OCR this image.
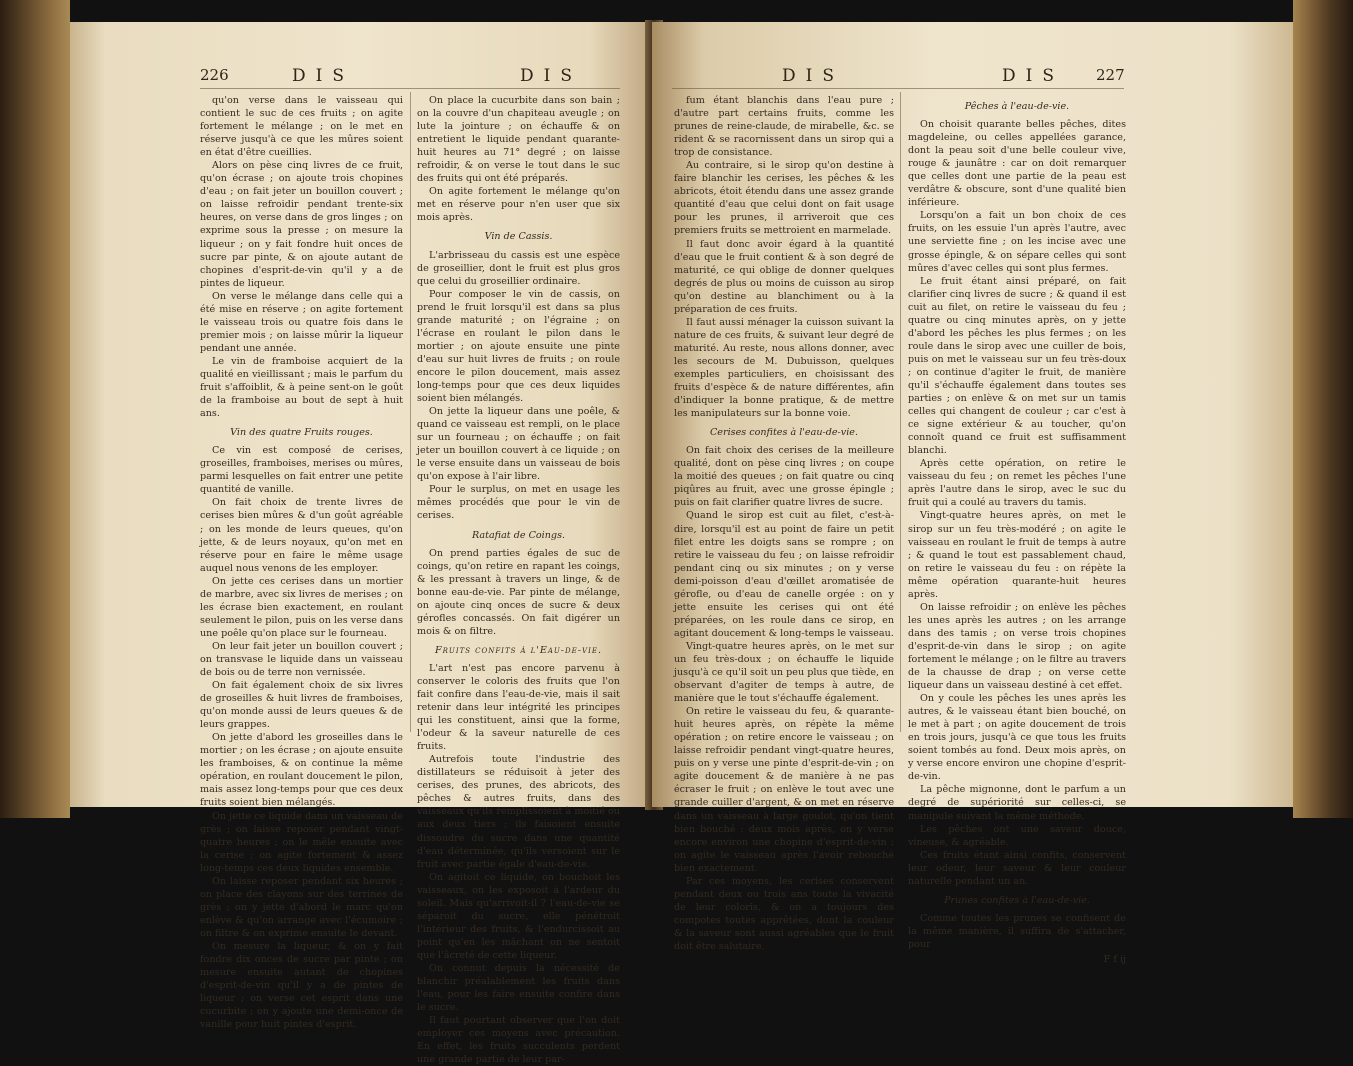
226	DIS	DIS

qu'on verse dans le vaisseau qui contient le suc de ces fruits ; on agite fortement le mélange ; on le met en réserve jusqu'à ce que les mûres soient en état d'être cueillies.

Alors on pèse cinq livres de ce fruit, qu'on écrase ; on ajoute trois chopines d'eau ; on fait jeter un bouillon couvert ; on laisse refroidir pendant trente-six heures, on verse dans de gros linges ; on exprime sous la presse ; on mesure la liqueur ; on y fait fondre huit onces de sucre par pinte, & on ajoute autant de chopines d'esprit-de-vin qu'il y a de pintes de liqueur.

On verse le mélange dans celle qui a été mise en réserve ; on agite fortement le vaisseau trois ou quatre fois dans le premier mois ; on laisse mûrir la liqueur pendant une année.

Le vin de framboise acquiert de la qualité en vieillissant ; mais le parfum du fruit s'affoiblit, & à peine sent-on le goût de la framboise au bout de sept à huit ans.

Vin des quatre Fruits rouges.

Ce vin est composé de cerises, groseilles, framboises, merises ou mûres, parmi lesquelles on fait entrer une petite quantité de vanille.

On fait choix de trente livres de cerises bien mûres & d'un goût agréable ; on les monde de leurs queues, qu'on jette, & de leurs noyaux, qu'on met en réserve pour en faire le même usage auquel nous venons de les employer.

On jette ces cerises dans un mortier de marbre, avec six livres de merises ; on les écrase bien exactement, en roulant seulement le pilon, puis on les verse dans une poêle qu'on place sur le fourneau.

On leur fait jeter un bouillon couvert ; on transvase le liquide dans un vaisseau de bois ou de terre non vernissée.

On fait également choix de six livres de groseilles & huit livres de framboises, qu'on monde aussi de leurs queues & de leurs grappes.

On jette d'abord les groseilles dans le mortier ; on les écrase ; on ajoute ensuite les framboises, & on continue la même opération, en roulant doucement le pilon, mais assez long-temps pour que ces deux fruits soient bien mélangés.

On jette ce liquide dans un vaisseau de grès ; on laisse reposer pendant vingt-quatre heures ; on le mêle ensuite avec la cerise ; on agite fortement & assez long-temps ces deux liquides ensemble.

On laisse reposer pendant six heures ; on place des clayons sur des terrines de grès ; on y jette d'abord le marc qu'on enlève & qu'on arrange avec l'écumoire ; on filtre & on exprime ensuite le devant.

On mesure la liqueur, & on y fait fondre dix onces de sucre par pinte ; on mesure ensuite autant de chopines d'esprit-de-vin qu'il y a de pintes de liqueur ; on verse cet esprit dans une cucurbite ; on y ajoute une demi-once de vanille pour huit pintes d'esprit.

On place la cucurbite dans son bain ; on la couvre d'un chapiteau aveugle ; on lute la jointure ; on échauffe & on entretient le liquide pendant quarante-huit heures au 71° degré ; on laisse refroidir, & on verse le tout dans le suc des fruits qui ont été préparés.

On agite fortement le mélange qu'on met en réserve pour n'en user que six mois après.

Vin de Cassis.

L'arbrisseau du cassis est une espèce de groseillier, dont le fruit est plus gros que celui du groseillier ordinaire.

Pour composer le vin de cassis, on prend le fruit lorsqu'il est dans sa plus grande maturité ; on l'égraine ; on l'écrase en roulant le pilon dans le mortier ; on ajoute ensuite une pinte d'eau sur huit livres de fruits ; on roule encore le pilon doucement, mais assez long-temps pour que ces deux liquides soient bien mélangés.

On jette la liqueur dans une poêle, & quand ce vaisseau est rempli, on le place sur un fourneau ; on échauffe ; on fait jeter un bouillon couvert à ce liquide ; on le verse ensuite dans un vaisseau de bois qu'on expose à l'air libre.

Pour le surplus, on met en usage les mêmes procédés que pour le vin de cerises.

Ratafiat de Coings.

On prend parties égales de suc de coings, qu'on retire en rapant les coings, & les pressant à travers un linge, & de bonne eau-de-vie. Par pinte de mélange, on ajoute cinq onces de sucre & deux gérofles concassés. On fait digérer un mois & on filtre.

Fruits confits à l'Eau-de-vie.

L'art n'est pas encore parvenu à conserver le coloris des fruits que l'on fait confire dans l'eau-de-vie, mais il sait retenir dans leur intégrité les principes qui les constituent, ainsi que la forme, l'odeur & la saveur naturelle de ces fruits.

Autrefois toute l'industrie des distillateurs se réduisoit à jeter des cerises, des prunes, des abricots, des pêches & autres fruits, dans des vaisseaux qu'ils remplissoient à moitié ou aux deux tiers ; ils faisoient ensuite dissoudre du sucre dans une quantité d'eau déterminée, qu'ils versoient sur le fruit avec partie égale d'eau-de-vie.

On agitoit ce liquide, on bouchoit les vaisseaux, on les exposoit à l'ardeur du soleil. Mais qu'arrivoit-il ? l'eau-de-vie se séparoit du sucre, elle pénétroit l'intérieur des fruits, & l'endurcissoit au point qu'en les mâchant on ne sentoit que l'âcreté de cette liqueur.

On connut depuis la nécessité de blanchir préalablement les fruits dans l'eau, pour les faire ensuite confire dans le sucre.

Il faut pourtant observer que l'on doit employer ces moyens avec précaution. En effet, les fruits succulents perdent une grande partie de leur par-

DIS	DIS 227

fum étant blanchis dans l'eau pure ; d'autre part certains fruits, comme les prunes de reine-claude, de mirabelle, &c. se rident & se racornissent dans un sirop qui a trop de consistance.

Au contraire, si le sirop qu'on destine à faire blanchir les cerises, les pêches & les abricots, étoit étendu dans une assez grande quantité d'eau que celui dont on fait usage pour les prunes, il arriveroit que ces premiers fruits se mettroient en marmelade.

Il faut donc avoir égard à la quantité d'eau que le fruit contient & à son degré de maturité, ce qui oblige de donner quelques degrés de plus ou moins de cuisson au sirop qu'on destine au blanchiment ou à la préparation de ces fruits.

Il faut aussi ménager la cuisson suivant la nature de ces fruits, & suivant leur degré de maturité. Au reste, nous allons donner, avec les secours de M. Dubuisson, quelques exemples particuliers, en choisissant des fruits d'espèce & de nature différentes, afin d'indiquer la bonne pratique, & de mettre les manipulateurs sur la bonne voie.

Cerises confites à l'eau-de-vie.

On fait choix des cerises de la meilleure qualité, dont on pèse cinq livres ; on coupe la moitié des queues ; on fait quatre ou cinq piqûres au fruit, avec une grosse épingle ; puis on fait clarifier quatre livres de sucre.

Quand le sirop est cuit au filet, c'est-à-dire, lorsqu'il est au point de faire un petit filet entre les doigts sans se rompre ; on retire le vaisseau du feu ; on laisse refroidir pendant cinq ou six minutes ; on y verse demi-poisson d'eau d'œillet aromatisée de gérofle, ou d'eau de canelle orgée : on y jette ensuite les cerises qui ont été préparées, on les roule dans ce sirop, en agitant doucement & long-temps le vaisseau.

Vingt-quatre heures après, on le met sur un feu très-doux ; on échauffe le liquide jusqu'à ce qu'il soit un peu plus que tiède, en observant d'agiter de temps à autre, de manière que le tout s'échauffe également.

On retire le vaisseau du feu, & quarante-huit heures après, on répète la même opération ; on retire encore le vaisseau ; on laisse refroidir pendant vingt-quatre heures, puis on y verse une pinte d'esprit-de-vin ; on agite doucement & de manière à ne pas écraser le fruit ; on enlève le tout avec une grande cuiller d'argent, & on met en réserve dans un vaisseau à large goulot, qu'on tient bien bouché : deux mois après, on y verse encore environ une chopine d'esprit-de-vin ; on agite le vaisseau après l'avoir rebouché bien exactement.

Par ces moyens, les cerises conservent pendant deux ou trois ans toute la vivacité de leur coloris, & on a toujours des compotes toutes apprêtées, dont la couleur & la saveur sont aussi agréables que le fruit doit être salutaire.

Pêches à l'eau-de-vie.

On choisit quarante belles pêches, dites magdeleine, ou celles appellées garance, dont la peau soit d'une belle couleur vive, rouge & jaunâtre : car on doit remarquer que celles dont une partie de la peau est verdâtre & obscure, sont d'une qualité bien inférieure.

Lorsqu'on a fait un bon choix de ces fruits, on les essuie l'un après l'autre, avec une serviette fine ; on les incise avec une grosse épingle, & on sépare celles qui sont mûres d'avec celles qui sont plus fermes.

Le fruit étant ainsi préparé, on fait clarifier cinq livres de sucre ; & quand il est cuit au filet, on retire le vaisseau du feu ; quatre ou cinq minutes après, on y jette d'abord les pêches les plus fermes ; on les roule dans le sirop avec une cuiller de bois, puis on met le vaisseau sur un feu très-doux ; on continue d'agiter le fruit, de manière qu'il s'échauffe également dans toutes ses parties ; on enlève & on met sur un tamis celles qui changent de couleur ; car c'est à ce signe extérieur & au toucher, qu'on connoît quand ce fruit est suffisamment blanchi.

Après cette opération, on retire le vaisseau du feu ; on remet les pêches l'une après l'autre dans le sirop, avec le suc du fruit qui a coulé au travers du tamis.

Vingt-quatre heures après, on met le sirop sur un feu très-modéré ; on agite le vaisseau en roulant le fruit de temps à autre ; & quand le tout est passablement chaud, on retire le vaisseau du feu : on répète la même opération quarante-huit heures après.

On laisse refroidir ; on enlève les pêches les unes après les autres ; on les arrange dans des tamis ; on verse trois chopines d'esprit-de-vin dans le sirop ; on agite fortement le mélange ; on le filtre au travers de la chausse de drap ; on verse cette liqueur dans un vaisseau destiné à cet effet.

On y coule les pêches les unes après les autres, & le vaisseau étant bien bouché, on le met à part ; on agite doucement de trois en trois jours, jusqu'à ce que tous les fruits soient tombés au fond. Deux mois après, on y verse encore environ une chopine d'esprit-de-vin.

La pêche mignonne, dont le parfum a un degré de supériorité sur celles-ci, se manipule suivant la même méthode.

Les pêches ont une saveur douce, vineuse, & agréable.

Ces fruits étant ainsi confits, conservent leur odeur, leur saveur & leur couleur naturelle pendant un an.

Prunes confites à l'eau-de-vie.

Comme toutes les prunes se confisent de la même manière, il suffira de s'attacher, pour

F f ij
